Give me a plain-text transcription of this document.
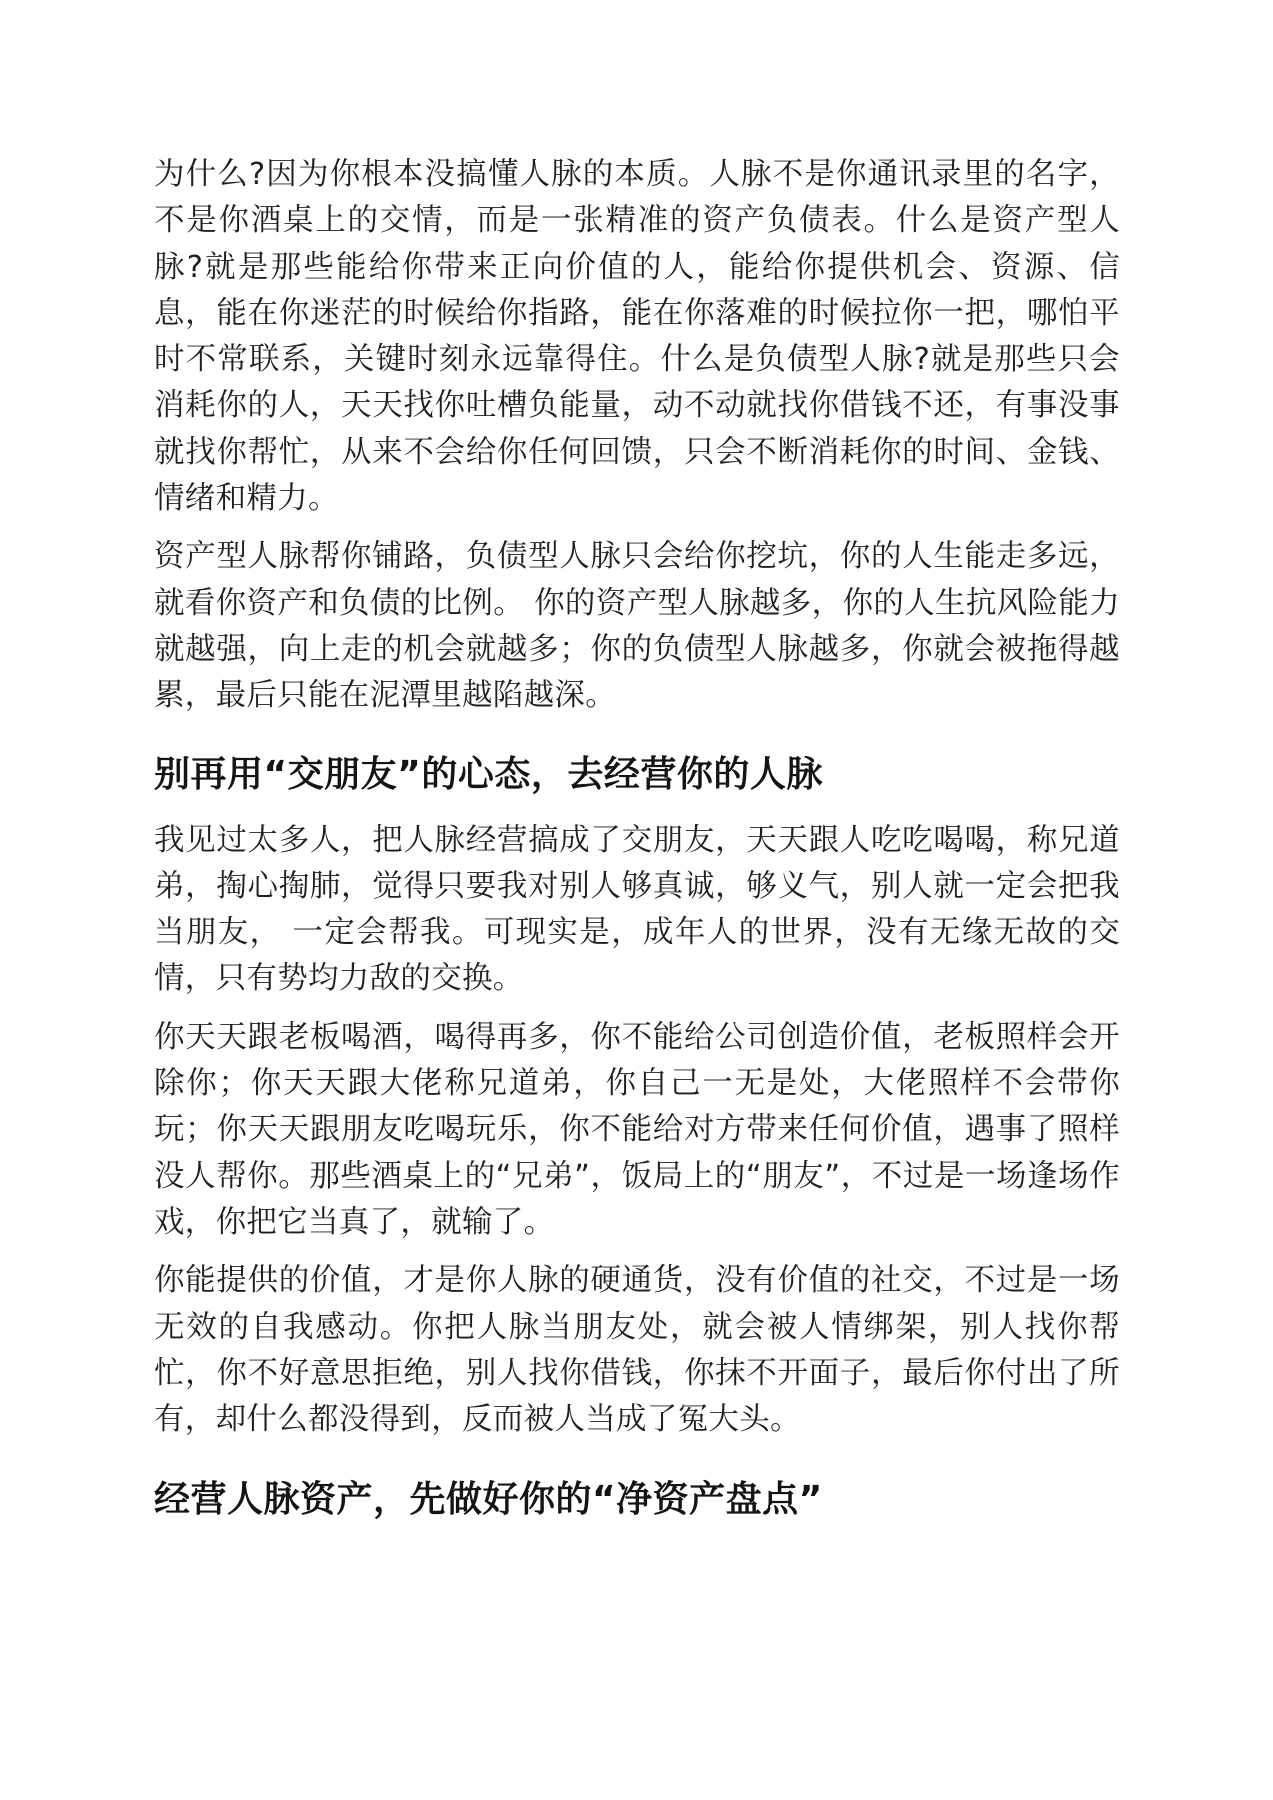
为什么?因为你根本没搞懂人脉的本质。人脉不是你通讯录里的名字，不是你酒桌上的交情，而是一张精准的资产负债表。什么是资产型人脉?就是那些能给你带来正向价值的人，能给你提供机会、资源、信息，能在你迷茫的时候给你指路，能在你落难的时候拉你一把，哪怕平时不常联系，关键时刻永远靠得住。什么是负债型人脉?就是那些只会消耗你的人，天天找你吐槽负能量，动不动就找你借钱不还，有事没事就找你帮忙，从来不会给你任何回馈，只会不断消耗你的时间、金钱、情绪和精力。

资产型人脉帮你铺路，负债型人脉只会给你挖坑，你的人生能走多远，就看你资产和负债的比例。 你的资产型人脉越多，你的人生抗风险能力就越强，向上走的机会就越多；你的负债型人脉越多，你就会被拖得越累，最后只能在泥潭里越陷越深。

别再用“交朋友”的心态，去经营你的人脉

我见过太多人，把人脉经营搞成了交朋友，天天跟人吃吃喝喝，称兄道弟，掏心掏肺，觉得只要我对别人够真诚，够义气，别人就一定会把我当朋友， 一定会帮我。可现实是，成年人的世界，没有无缘无故的交情，只有势均力敌的交换。

你天天跟老板喝酒，喝得再多，你不能给公司创造价值，老板照样会开除你；你天天跟大佬称兄道弟，你自己一无是处，大佬照样不会带你玩；你天天跟朋友吃喝玩乐，你不能给对方带来任何价值，遇事了照样没人帮你。那些酒桌上的“兄弟”，饭局上的“朋友”，不过是一场逢场作戏，你把它当真了，就输了。

你能提供的价值，才是你人脉的硬通货，没有价值的社交，不过是一场无效的自我感动。你把人脉当朋友处，就会被人情绑架，别人找你帮忙，你不好意思拒绝，别人找你借钱，你抹不开面子，最后你付出了所有，却什么都没得到，反而被人当成了冤大头。

经营人脉资产，先做好你的“净资产盘点”
